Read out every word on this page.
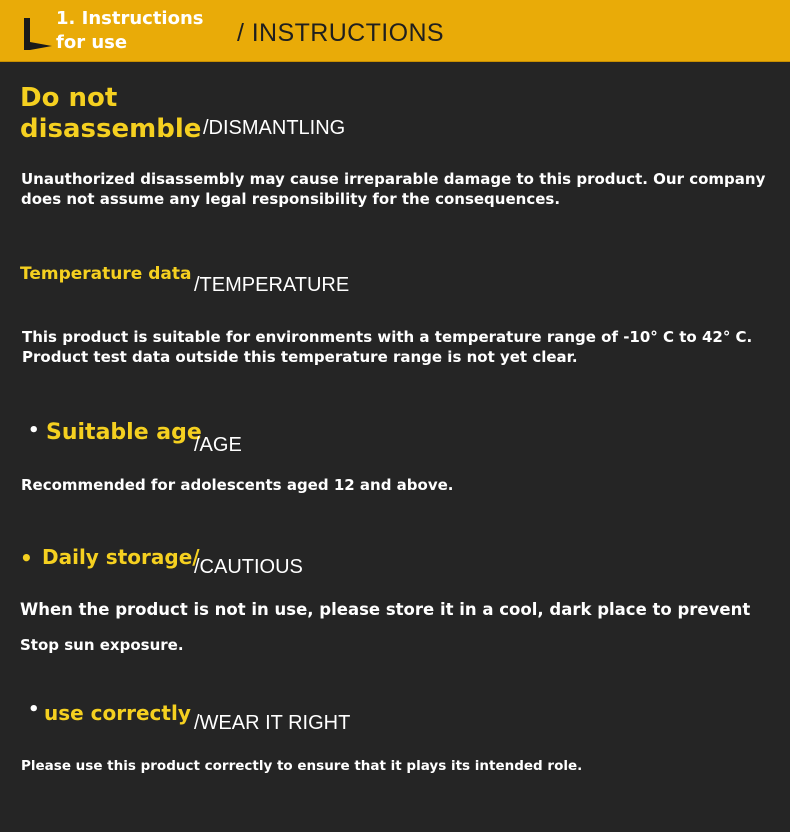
1. Instructions for use	/ INSTRUCTIONS
Do not
disassemble /DISMANTLING
Unauthorized disassembly may cause irreparable damage to this product. Our company does not assume any legal responsibility for the consequences.
Temperature data /TEMPERATURE
This product is suitable for environments with a temperature range of -10° C to 42° C. Product test data outside this temperature range is not yet clear.
• Suitable age
/AGE
Recommended for adolescents aged 12 and above.
• Daily storage/
/CAUTIOUS
When the product is not in use, please store it in a cool, dark place to prevent
Stop sun exposure.
• use correctly /WEAR IT RIGHT
Please use this product correctly to ensure that it plays its intended role.
